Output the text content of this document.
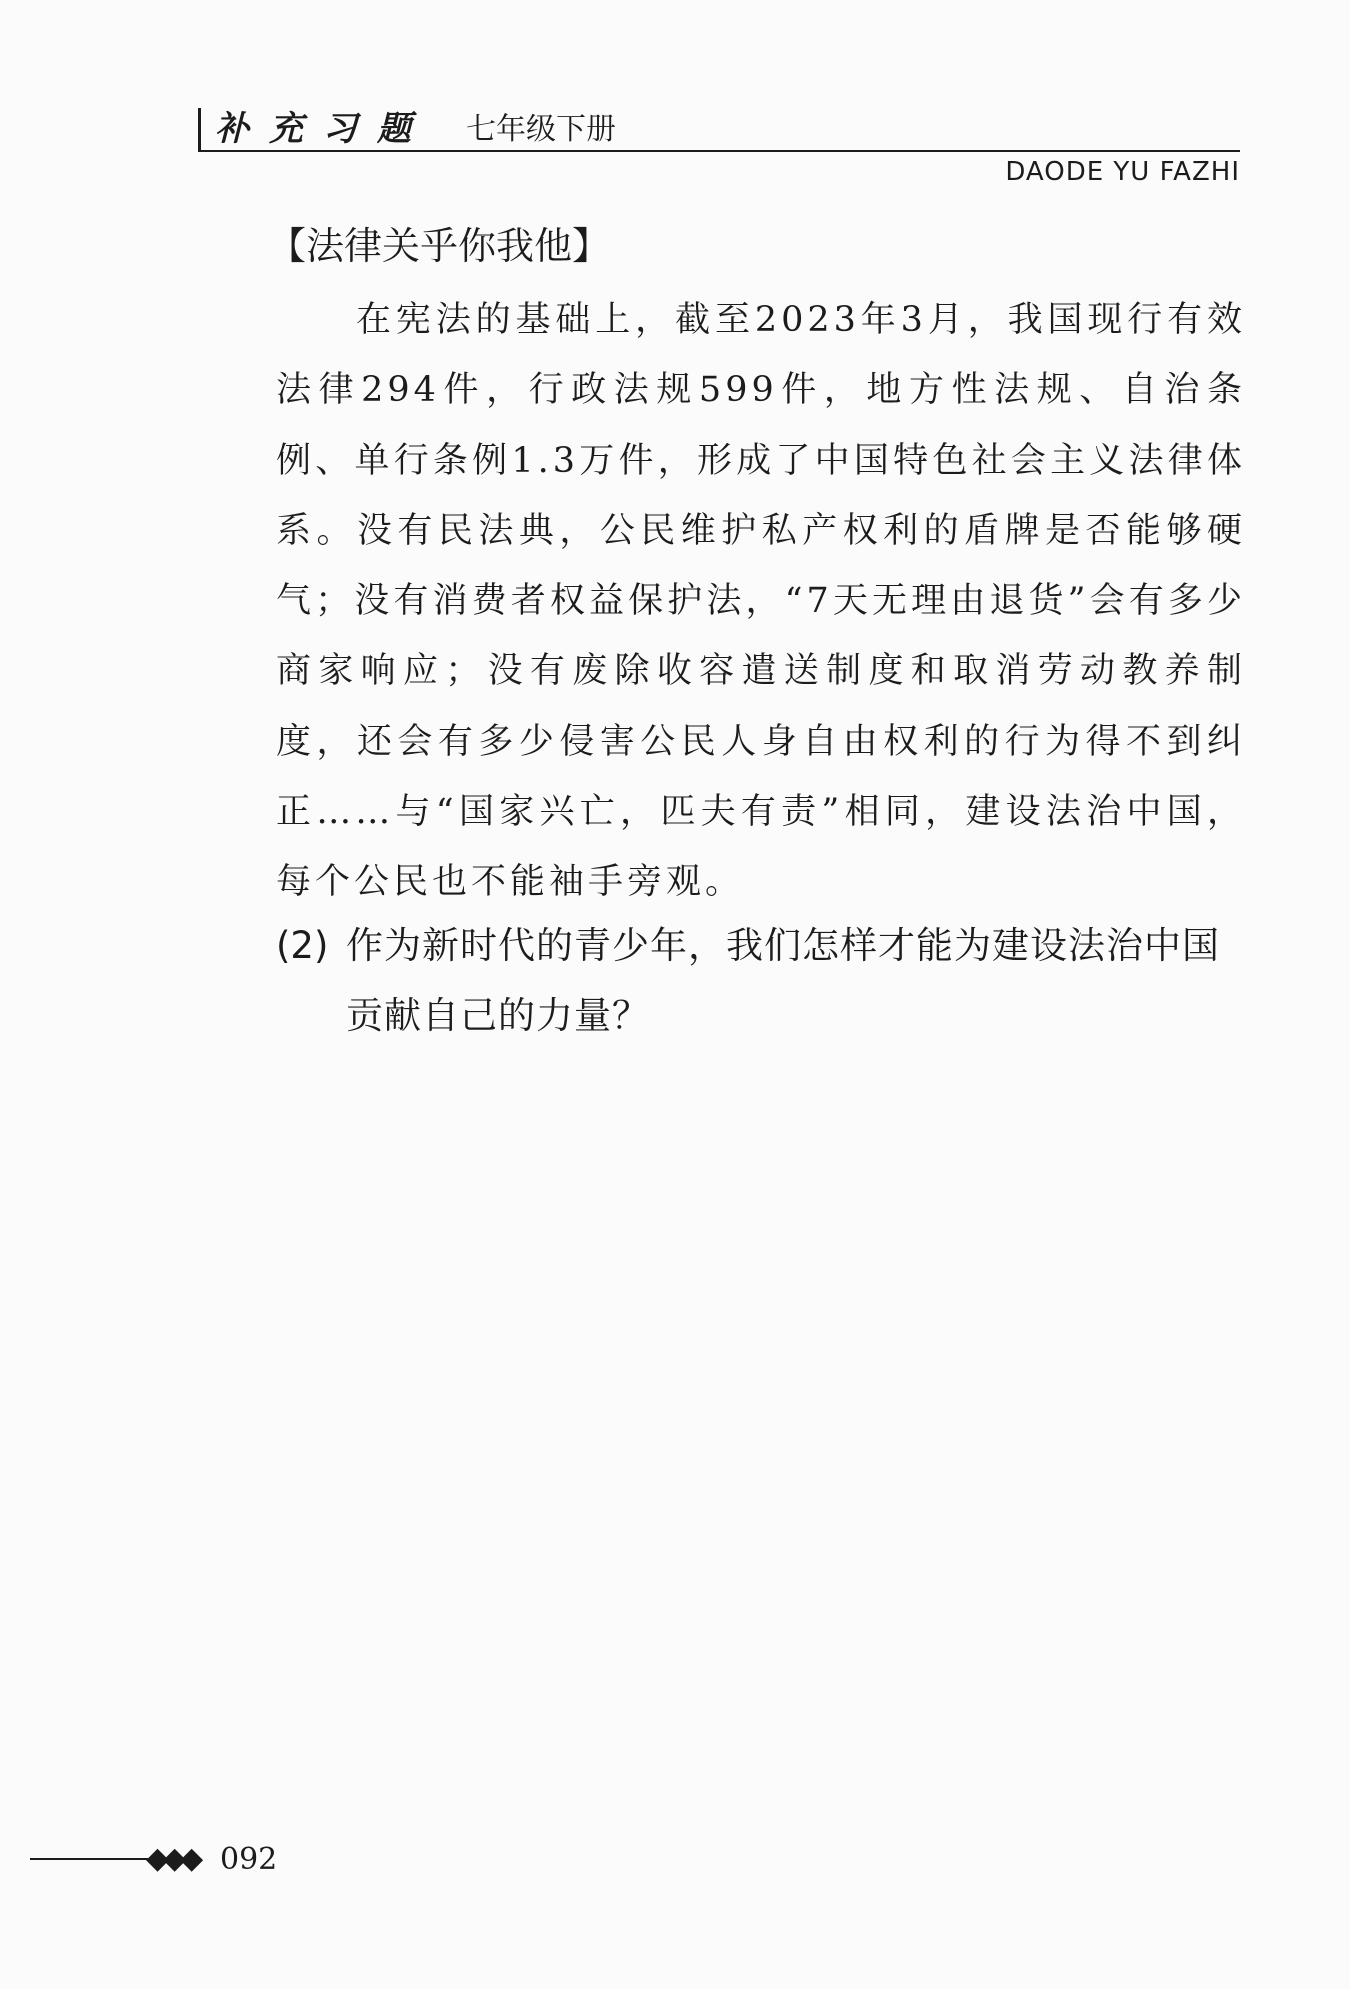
补充习题 七年级下册
DAODE YU FAZHI
【法律关乎你我他】

在宪法的基础上，截至2023年3月，我国现行有效法律294件，行政法规599件，地方性法规、自治条例、单行条例1.3万件，形成了中国特色社会主义法律体系。没有民法典，公民维护私产权利的盾牌是否能够硬气；没有消费者权益保护法，“7天无理由退货”会有多少商家响应；没有废除收容遣送制度和取消劳动教养制度，还会有多少侵害公民人身自由权利的行为得不到纠正……与“国家兴亡，匹夫有责”相同，建设法治中国，每个公民也不能袖手旁观。

(2) 作为新时代的青少年，我们怎样才能为建设法治中国贡献自己的力量？
◆◆◆ 092
